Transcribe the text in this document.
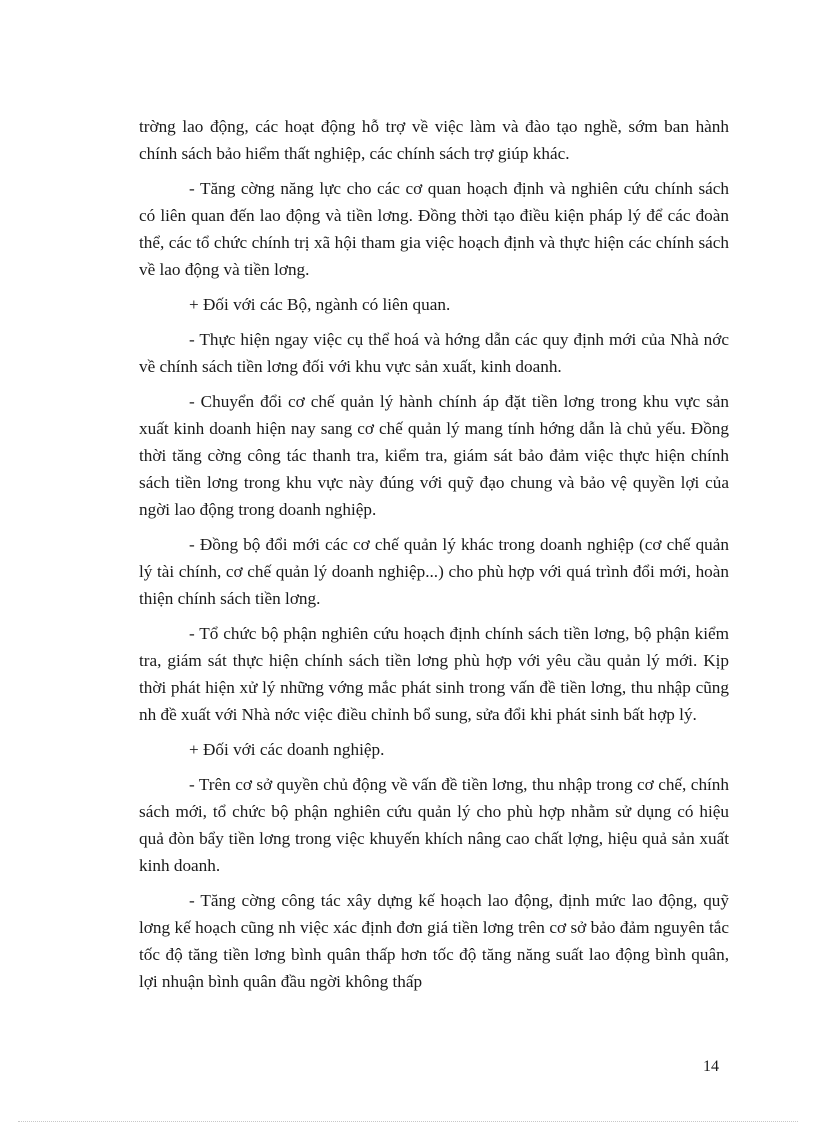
trờng lao động, các hoạt động hỗ trợ về việc làm và đào tạo nghề, sớm ban hành chính sách bảo hiểm thất nghiệp, các chính sách trợ giúp khác.

- Tăng cờng năng lực cho các cơ quan hoạch định và nghiên cứu chính sách có liên quan đến lao động và tiền lơng. Đồng thời tạo điều kiện pháp lý để các đoàn thể, các tổ chức chính trị xã hội tham gia việc hoạch định và thực hiện các chính sách về lao động và tiền lơng.

+ Đối với các Bộ, ngành có liên quan.

- Thực hiện ngay việc cụ thể hoá và hớng dẫn các quy định mới của Nhà nớc về chính sách tiền lơng đối với khu vực sản xuất, kinh doanh.

- Chuyển đổi cơ chế quản lý hành chính áp đặt tiền lơng trong khu vực sản xuất kinh doanh hiện nay sang cơ chế quản lý mang tính hớng dẫn là chủ yếu. Đồng thời tăng cờng công tác thanh tra, kiểm tra, giám sát bảo đảm việc thực hiện chính sách tiền lơng trong khu vực này đúng với quỹ đạo chung và bảo vệ quyền lợi của ngời lao động trong doanh nghiệp.

- Đồng bộ đổi mới các cơ chế quản lý khác trong doanh nghiệp (cơ chế quản lý tài chính, cơ chế quản lý doanh nghiệp...) cho phù hợp với quá trình đổi mới, hoàn thiện chính sách tiền lơng.

- Tổ chức bộ phận nghiên cứu hoạch định chính sách tiền lơng, bộ phận kiểm tra, giám sát thực hiện chính sách tiền lơng phù hợp với yêu cầu quản lý mới. Kịp thời phát hiện xử lý những vớng mắc phát sinh trong vấn đề tiền lơng, thu nhập cũng nh đề xuất với Nhà nớc việc điều chỉnh bổ sung, sửa đổi khi phát sinh bất hợp lý.

+ Đối với các doanh nghiệp.

- Trên cơ sở quyền chủ động về vấn đề tiền lơng, thu nhập trong cơ chế, chính sách mới, tổ chức bộ phận nghiên cứu quản lý cho phù hợp nhằm sử dụng có hiệu quả đòn bẩy tiền lơng trong việc khuyến khích nâng cao chất lợng, hiệu quả sản xuất kinh doanh.

- Tăng cờng công tác xây dựng kế hoạch lao động, định mức lao động, quỹ lơng kế hoạch cũng nh việc xác định đơn giá tiền lơng trên cơ sở bảo đảm nguyên tắc tốc độ tăng tiền lơng bình quân thấp hơn tốc độ tăng năng suất lao động bình quân, lợi nhuận bình quân đầu ngời không thấp

14
